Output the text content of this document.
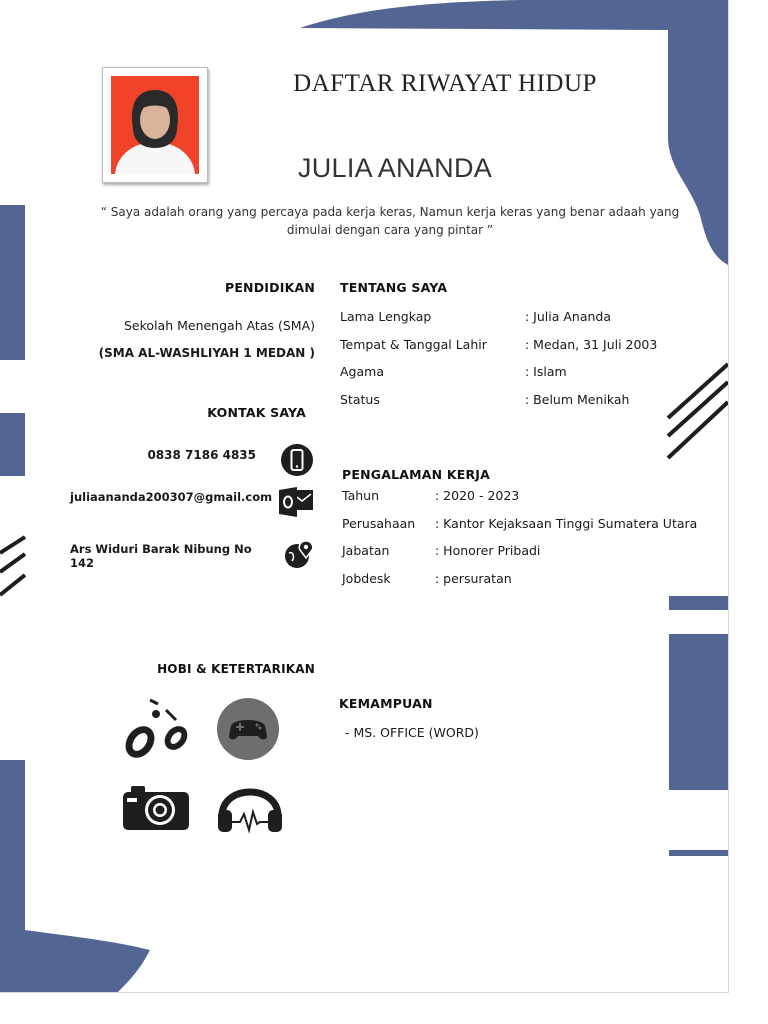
DAFTAR RIWAYAT HIDUP
JULIA ANANDA
“ Saya adalah orang yang percaya pada kerja keras, Namun kerja keras yang benar adaah yang dimulai dengan cara yang pintar ”
PENDIDIKAN
Sekolah Menengah Atas (SMA)
(SMA AL-WASHLIYAH 1 MEDAN )
KONTAK SAYA
0838 7186 4835
juliaananda200307@gmail.com
Ars Widuri Barak Nibung No 142
TENTANG SAYA
Lama Lengkap	: Julia Ananda
Tempat & Tanggal Lahir	: Medan, 31 Juli 2003
Agama	: Islam
Status	: Belum Menikah
PENGALAMAN KERJA
Tahun	: 2020 - 2023
Perusahaan : Kantor Kejaksaan Tinggi Sumatera Utara
Jabatan	: Honorer Pribadi
Jobdesk	: persuratan
HOBI & KETERTARIKAN
KEMAMPUAN
- MS. OFFICE (WORD)
